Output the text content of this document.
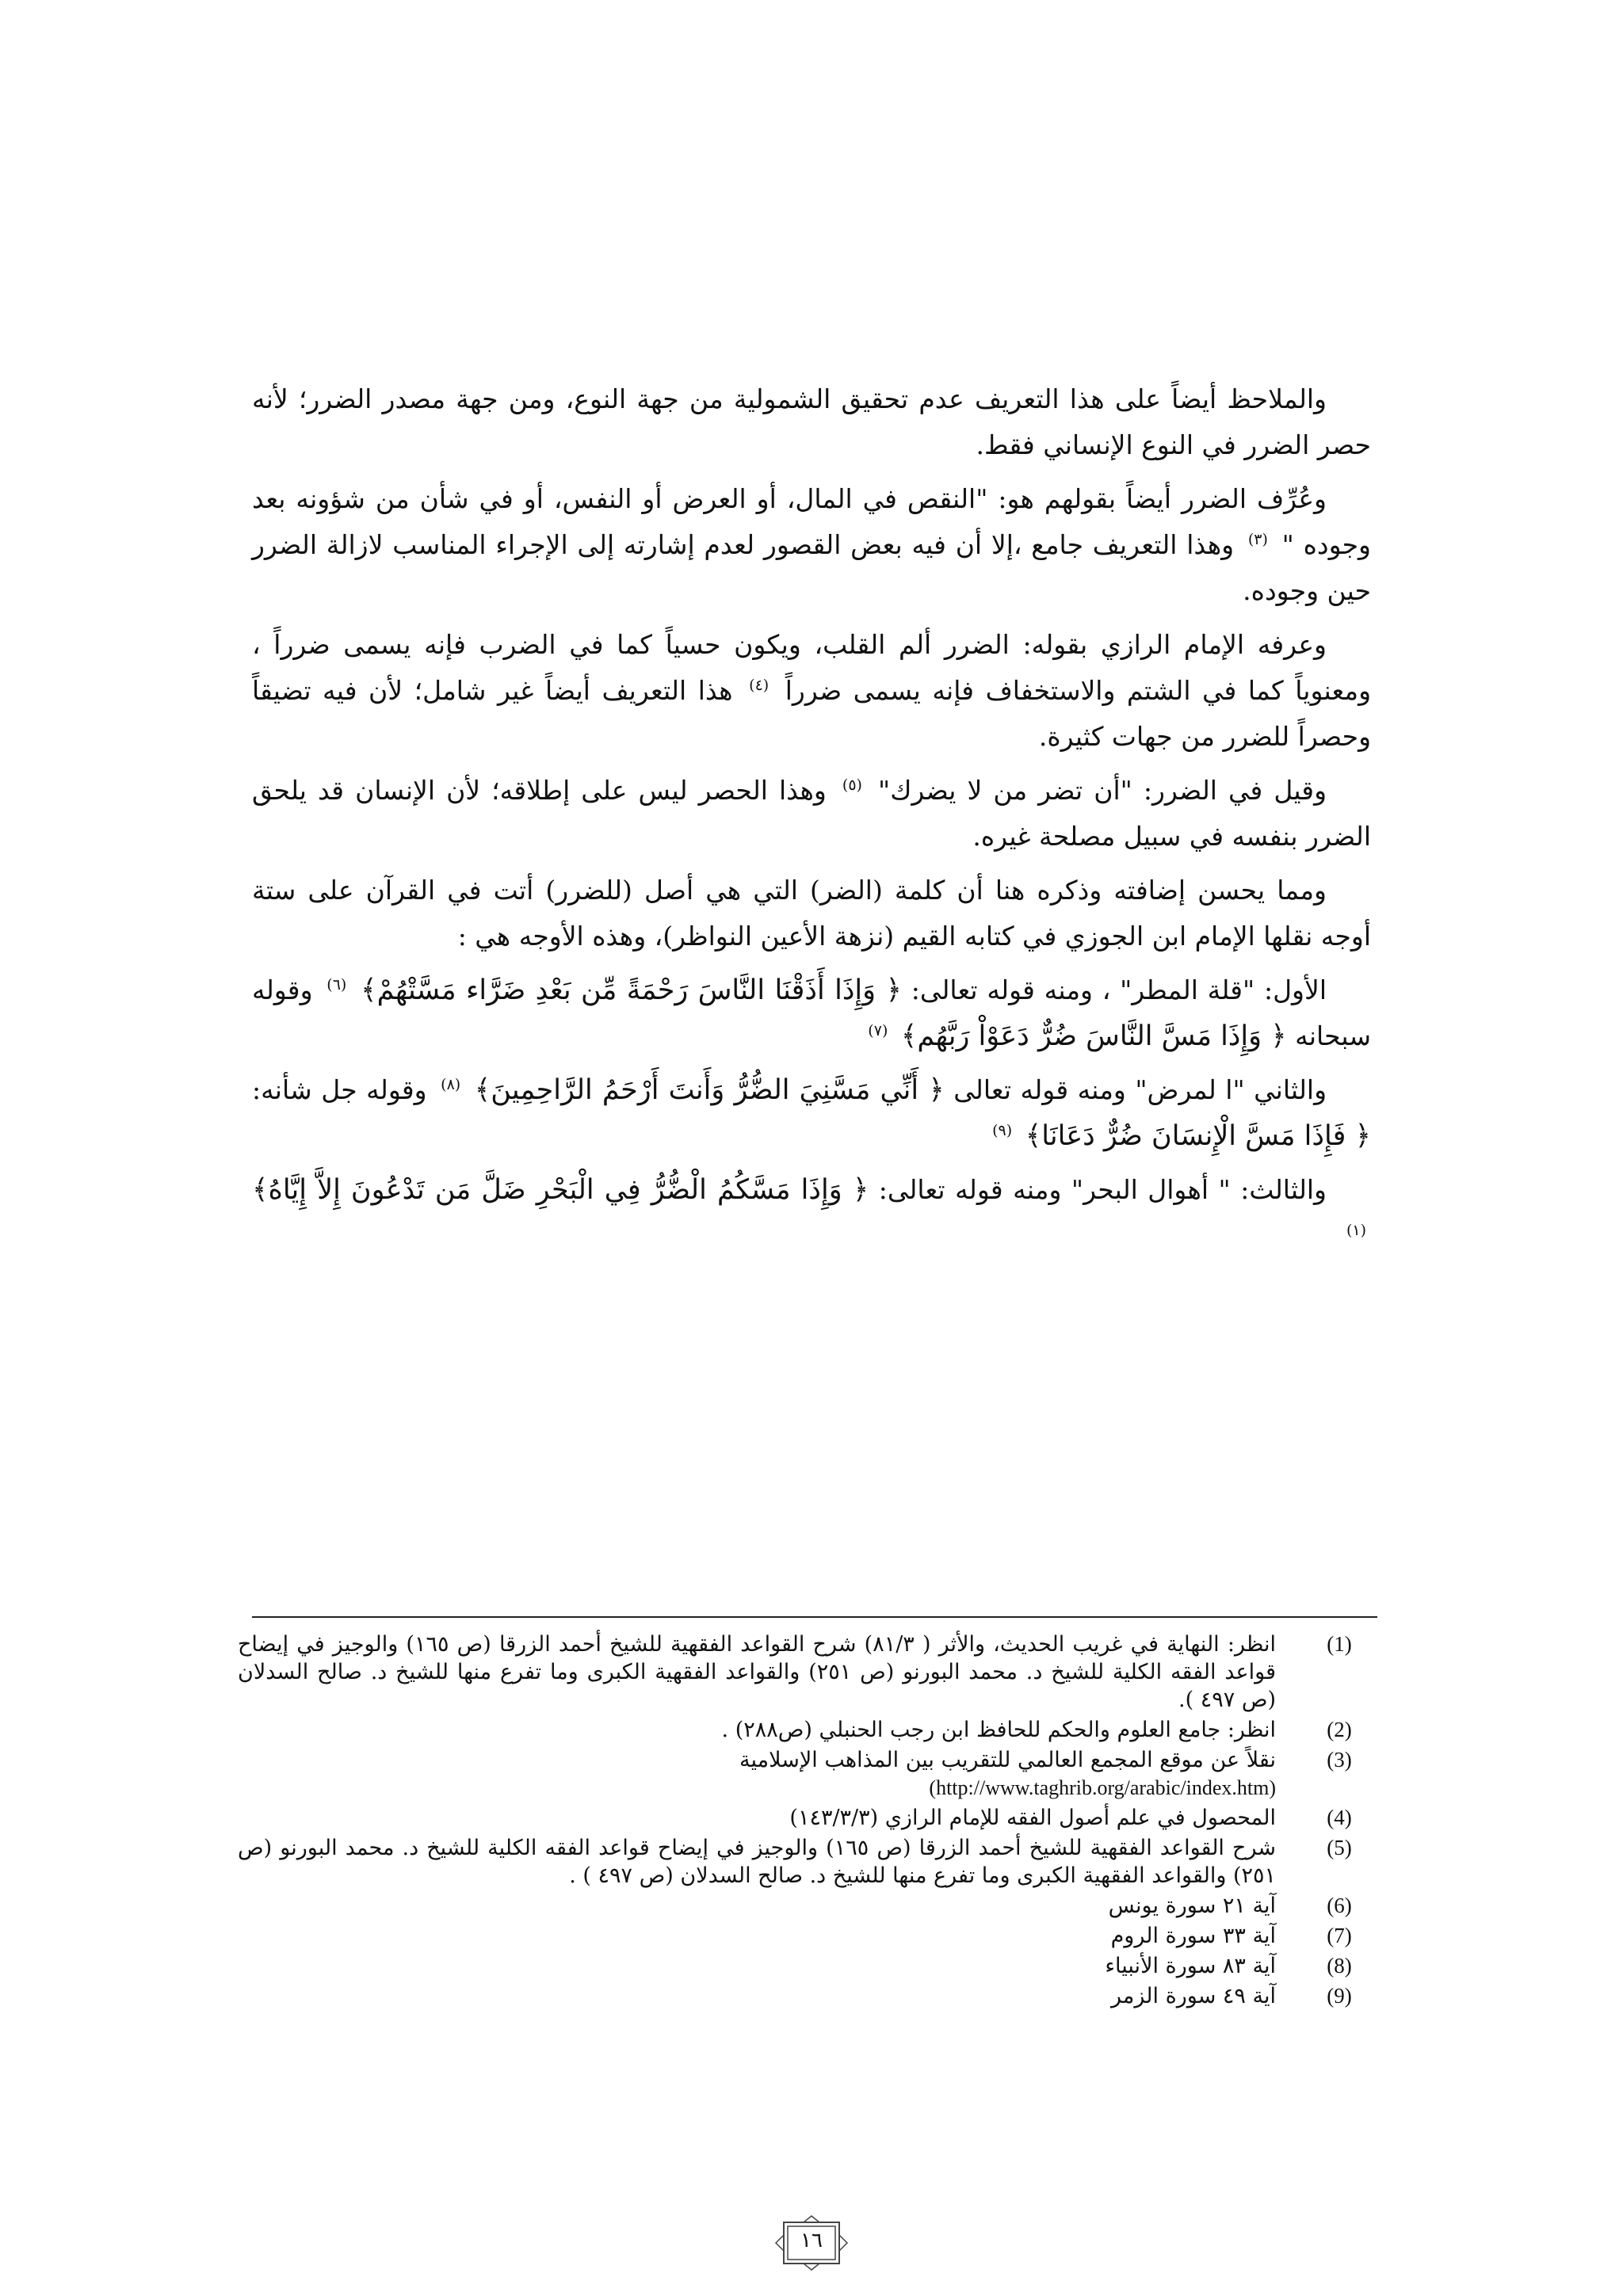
والملاحظ أيضاً على هذا التعريف عدم تحقيق الشمولية من جهة النوع، ومن جهة مصدر الضرر؛ لأنه حصر الضرر في النوع الإنساني فقط.

وعُرِّف الضرر أيضاً بقولهم هو: "النقص في المال، أو العرض أو النفس، أو في شأن من شؤونه بعد وجوده " $^{(٣)}$ وهذا التعريف جامع ،إلا أن فيه بعض القصور لعدم إشارته إلى الإجراء المناسب لازالة الضرر حين وجوده.

وعرفه الإمام الرازي بقوله: الضرر ألم القلب، ويكون حسياً كما في الضرب فإنه يسمى ضرراً ، ومعنوياً كما في الشتم والاستخفاف فإنه يسمى ضرراً $^{(٤)}$ هذا التعريف أيضاً غير شامل؛ لأن فيه تضيقاً وحصراً للضرر من جهات كثيرة.

وقيل في الضرر: "أن تضر من لا يضرك" $^{(٥)}$ وهذا الحصر ليس على إطلاقه؛ لأن الإنسان قد يلحق الضرر بنفسه في سبيل مصلحة غيره.

ومما يحسن إضافته وذكره هنا أن كلمة (الضر) التي هي أصل (للضرر) أتت في القرآن على ستة أوجه نقلها الإمام ابن الجوزي في كتابه القيم (نزهة الأعين النواظر)، وهذه الأوجه هي :

الأول: "قلة المطر" ، ومنه قوله تعالى: ﴿ وَإِذَا أَذَقْنَا النَّاسَ رَحْمَةً مِّن بَعْدِ ضَرَّاء مَسَّتْهُمْ﴾ $^{(٦)}$ وقوله سبحانه ﴿ وَإِذَا مَسَّ النَّاسَ ضُرٌّ دَعَوْاْ رَبَّهُم﴾ $^{(٧)}$

والثاني "ا لمرض" ومنه قوله تعالى ﴿ أَنِّي مَسَّنِيَ الضُّرُّ وَأَنتَ أَرْحَمُ الرَّاحِمِينَ﴾ $^{(٨)}$ وقوله جل شأنه: ﴿ فَإِذَا مَسَّ الْإِنسَانَ ضُرٌّ دَعَانَا﴾ $^{(٩)}$

والثالث: " أهوال البحر" ومنه قوله تعالى: ﴿ وَإِذَا مَسَّكُمُ الْضُّرُّ فِي الْبَحْرِ ضَلَّ مَن تَدْعُونَ إِلاَّ إِيَّاهُ﴾ $^{(١)}$

(1)
انظر: النهاية في غريب الحديث، والأثر ( ٨١/٣) شرح القواعد الفقهية للشيخ أحمد الزرقا (ص ١٦٥) والوجيز في إيضاح قواعد الفقه الكلية للشيخ د. محمد البورنو (ص ٢٥١) والقواعد الفقهية الكبرى وما تفرع منها للشيخ د. صالح السدلان (ص ٤٩٧ ).
(2)
انظر: جامع العلوم والحكم للحافظ ابن رجب الحنبلي (ص٢٨٨) .
(3)
نقلاً عن موقع المجمع العالمي للتقريب بين المذاهب الإسلامية
(http://www.taghrib.org/arabic/index.htm)
(4)
المحصول في علم أصول الفقه للإمام الرازي (١٤٣/٣/٣)
(5)
شرح القواعد الفقهية للشيخ أحمد الزرقا (ص ١٦٥) والوجيز في إيضاح قواعد الفقه الكلية للشيخ د. محمد البورنو (ص ٢٥١) والقواعد الفقهية الكبرى وما تفرع منها للشيخ د. صالح السدلان (ص ٤٩٧ ) .
(6)
آية ٢١ سورة يونس
(7)
آية ٣٣ سورة الروم
(8)
آية ٨٣ سورة الأنبياء
(9)
آية ٤٩ سورة الزمر
١٦
